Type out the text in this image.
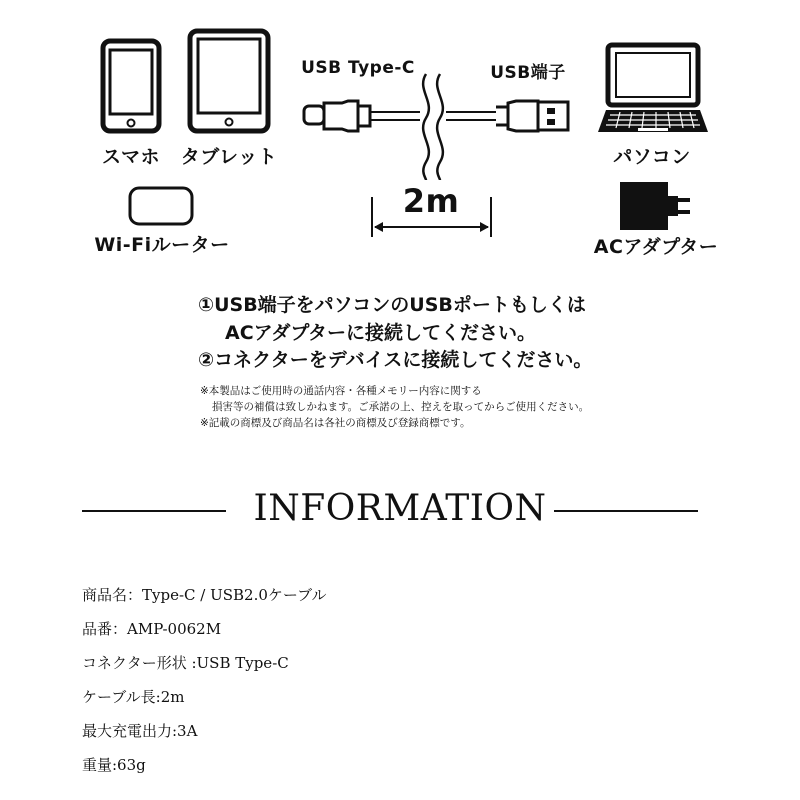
スマホ タブレット
Wi-Fiルーター
USB Type-C	USB端子
2m
パソコン
ACアダプター
①USB端子をパソコンのUSBポートもしくは
ACアダプターに接続してください。
②コネクターをデバイスに接続してください。
※本製品はご使用時の通話内容・各種メモリー内容に関する
損害等の補償は致しかねます。ご承諾の上、控えを取ってからご使用ください。
※記載の商標及び商品名は各社の商標及び登録商標です。
INFORMATION
商品名：Type-C / USB2.0ケーブル
品番：AMP-0062M
コネクター形状 :USB Type-C
ケーブル長:2m
最大充電出力:3A
重量:63g
